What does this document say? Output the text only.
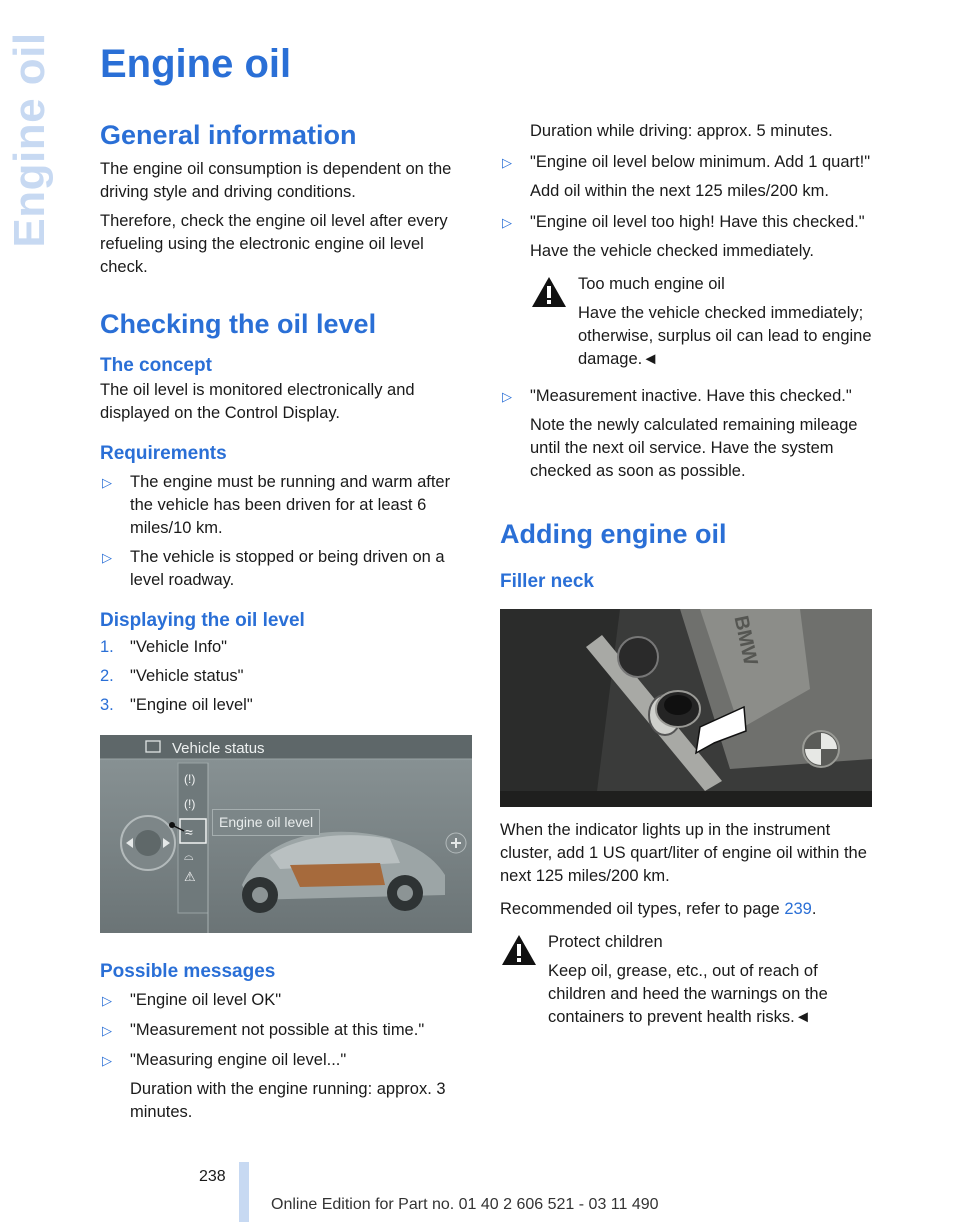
Engine oil Engine oil
General information

The engine oil consumption is dependent on the driving style and driving conditions.

Therefore, check the engine oil level after every refueling using the electronic engine oil level check.

Checking the oil level
The concept

The oil level is monitored electronically and displayed on the Control Display.

Requirements
▷ The engine must be running and warm after the vehicle has been driven for at least 6 miles/10 km.
▷ The vehicle is stopped or being driven on a level roadway.
Displaying the oil level
1. "Vehicle Info"
2. "Vehicle status"
3. "Engine oil level"
Vehicle status
(!)
(!)
≈
⌓
⚠
Engine oil level
Possible messages
▷ "Engine oil level OK"
▷ "Measurement not possible at this time."
▷ "Measuring engine oil level..."

Duration with the engine running: approx. 3 minutes.

Duration while driving: approx. 5 minutes.

▷ "Engine oil level below minimum. Add 1 quart!"

Add oil within the next 125 miles/200 km.

▷ "Engine oil level too high! Have this checked."

Have the vehicle checked immediately.

Too much engine oil

Have the vehicle checked immediately; otherwise, surplus oil can lead to engine damage.◄

▷ "Measurement inactive. Have this checked."

Note the newly calculated remaining mileage until the next oil service. Have the system checked as soon as possible.

Adding engine oil
Filler neck
BMW

When the indicator lights up in the instrument cluster, add 1 US quart/liter of engine oil within the next 125 miles/200 km.

Recommended oil types, refer to page 239.

Protect children

Keep oil, grease, etc., out of reach of children and heed the warnings on the containers to prevent health risks.◄

238
Online Edition for Part no. 01 40 2 606 521 - 03 11 490
